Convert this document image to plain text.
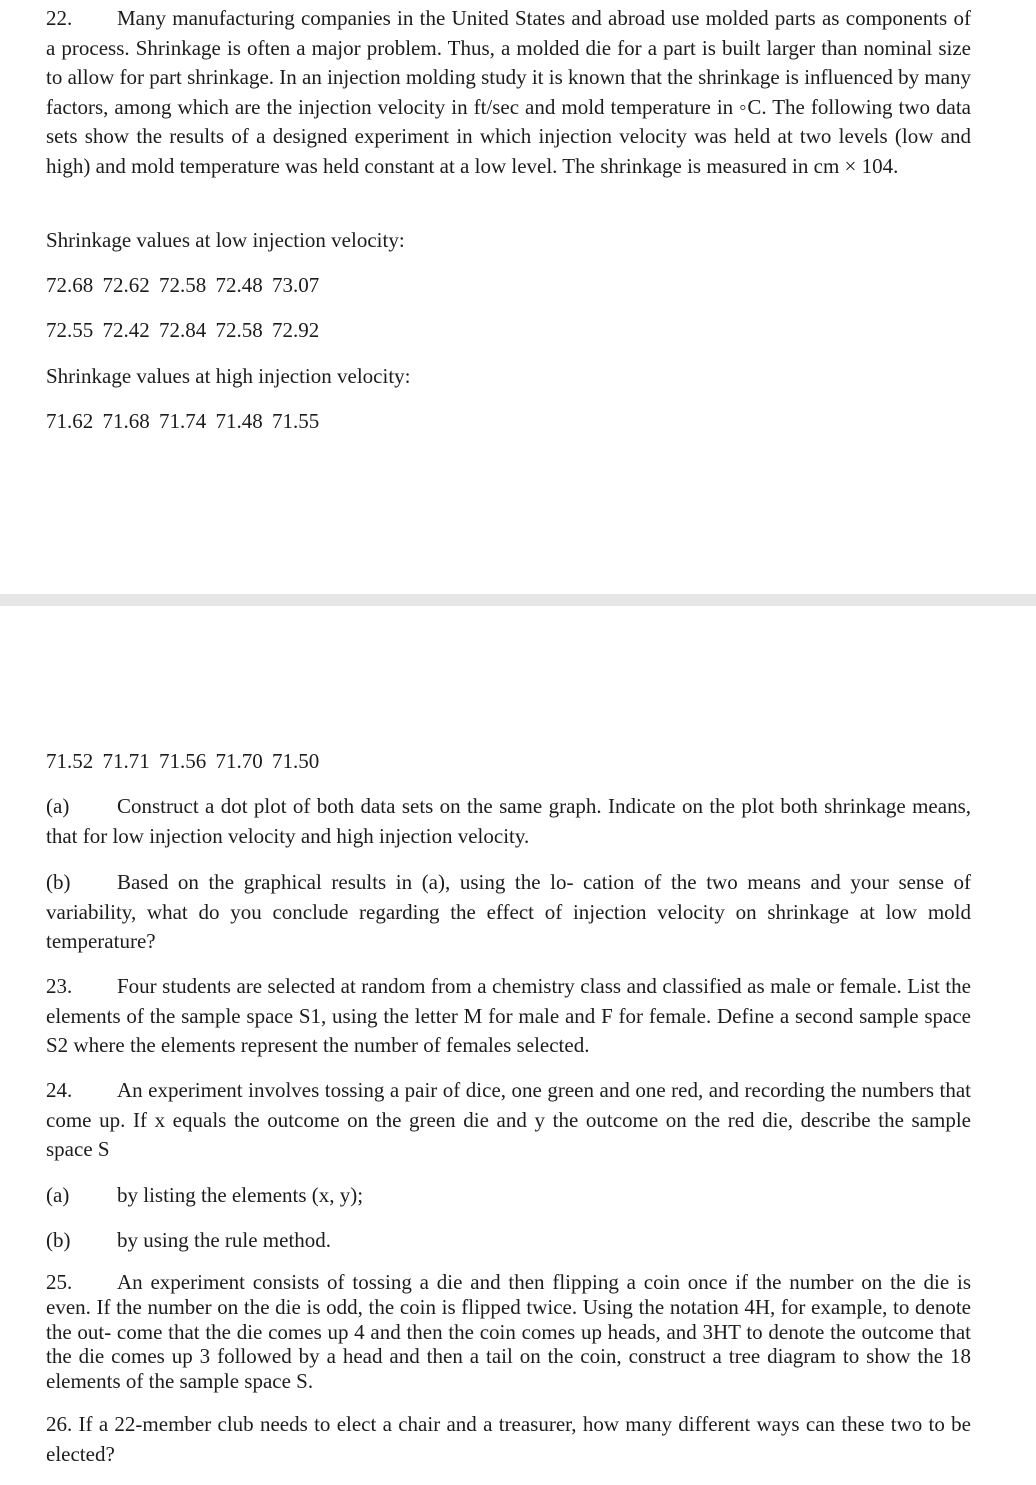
22. Many manufacturing companies in the United States and abroad use molded parts as components of a process. Shrinkage is often a major problem. Thus, a molded die for a part is built larger than nominal size to allow for part shrinkage. In an injection molding study it is known that the shrinkage is influenced by many factors, among which are the injection velocity in ft/sec and mold temperature in ◦C. The following two data sets show the results of a designed experiment in which injection velocity was held at two levels (low and high) and mold temperature was held constant at a low level. The shrinkage is measured in cm × 104.

Shrinkage values at low injection velocity:

72.68 72.62 72.58 72.48 73.07

72.55 72.42 72.84 72.58 72.92

Shrinkage values at high injection velocity:

71.62 71.68 71.74 71.48 71.55

71.52 71.71 71.56 71.70 71.50

(a) Construct a dot plot of both data sets on the same graph. Indicate on the plot both shrinkage means, that for low injection velocity and high injection velocity.

(b) Based on the graphical results in (a), using the lo- cation of the two means and your sense of variability, what do you conclude regarding the effect of injection velocity on shrinkage at low mold temperature?

23. Four students are selected at random from a chemistry class and classified as male or female. List the elements of the sample space S1, using the letter M for male and F for female. Define a second sample space S2 where the elements represent the number of females selected.

24. An experiment involves tossing a pair of dice, one green and one red, and recording the numbers that come up. If x equals the outcome on the green die and y the outcome on the red die, describe the sample space S

(a) by listing the elements (x, y);

(b) by using the rule method.

25. An experiment consists of tossing a die and then flipping a coin once if the number on the die is even. If the number on the die is odd, the coin is flipped twice. Using the notation 4H, for example, to denote the out- come that the die comes up 4 and then the coin comes up heads, and 3HT to denote the outcome that the die comes up 3 followed by a head and then a tail on the coin, construct a tree diagram to show the 18 elements of the sample space S.

26. If a 22-member club needs to elect a chair and a treasurer, how many different ways can these two to be elected?
